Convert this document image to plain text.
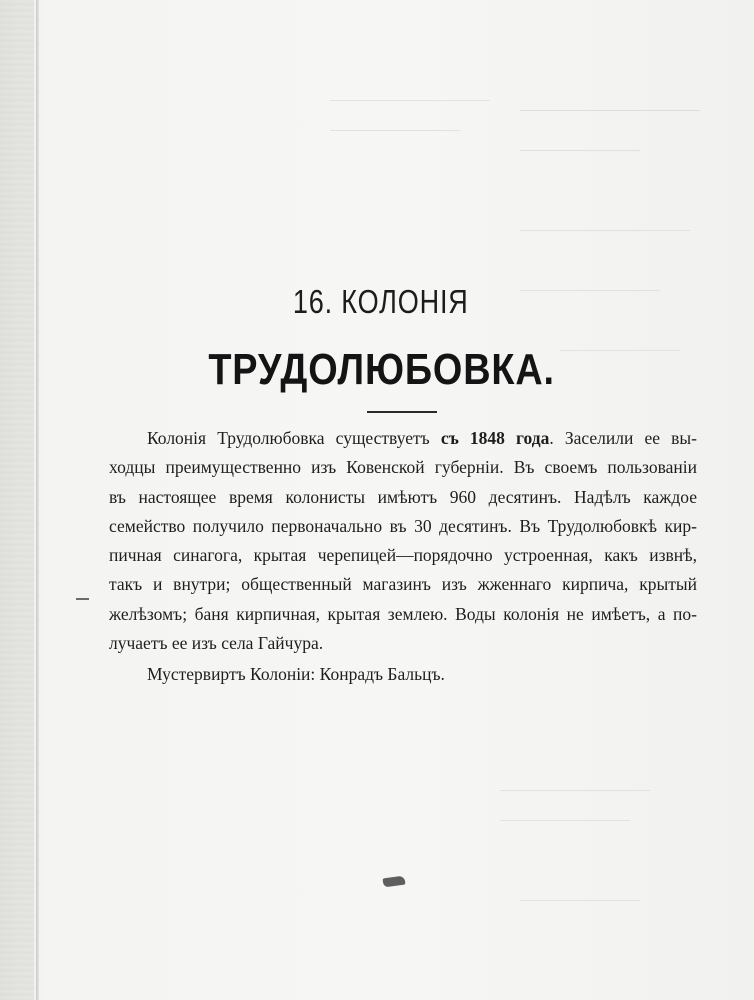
16. КОЛОНІЯ
ТРУДОЛЮБОВКА.
Колонія Трудолюбовка существуетъ съ 1848 года. Заселили ее вы-
ходцы преимущественно изъ Ковенской губерніи. Въ своемъ пользованіи
въ настоящее время колонисты имѣютъ 960 десятинъ. Надѣлъ каждое
семейство получило первоначально въ 30 десятинъ. Въ Трудолюбовкѣ кир-
пичная синагога, крытая черепицей—порядочно устроенная, какъ извнѣ,
такъ и внутри; общественный магазинъ изъ жженнаго кирпича, крытый
желѣзомъ; баня кирпичная, крытая землею. Воды колонія не имѣетъ, а по-
лучаетъ ее изъ села Гайчура.
Мустервиртъ Колоніи: Конрадъ Бальцъ.
